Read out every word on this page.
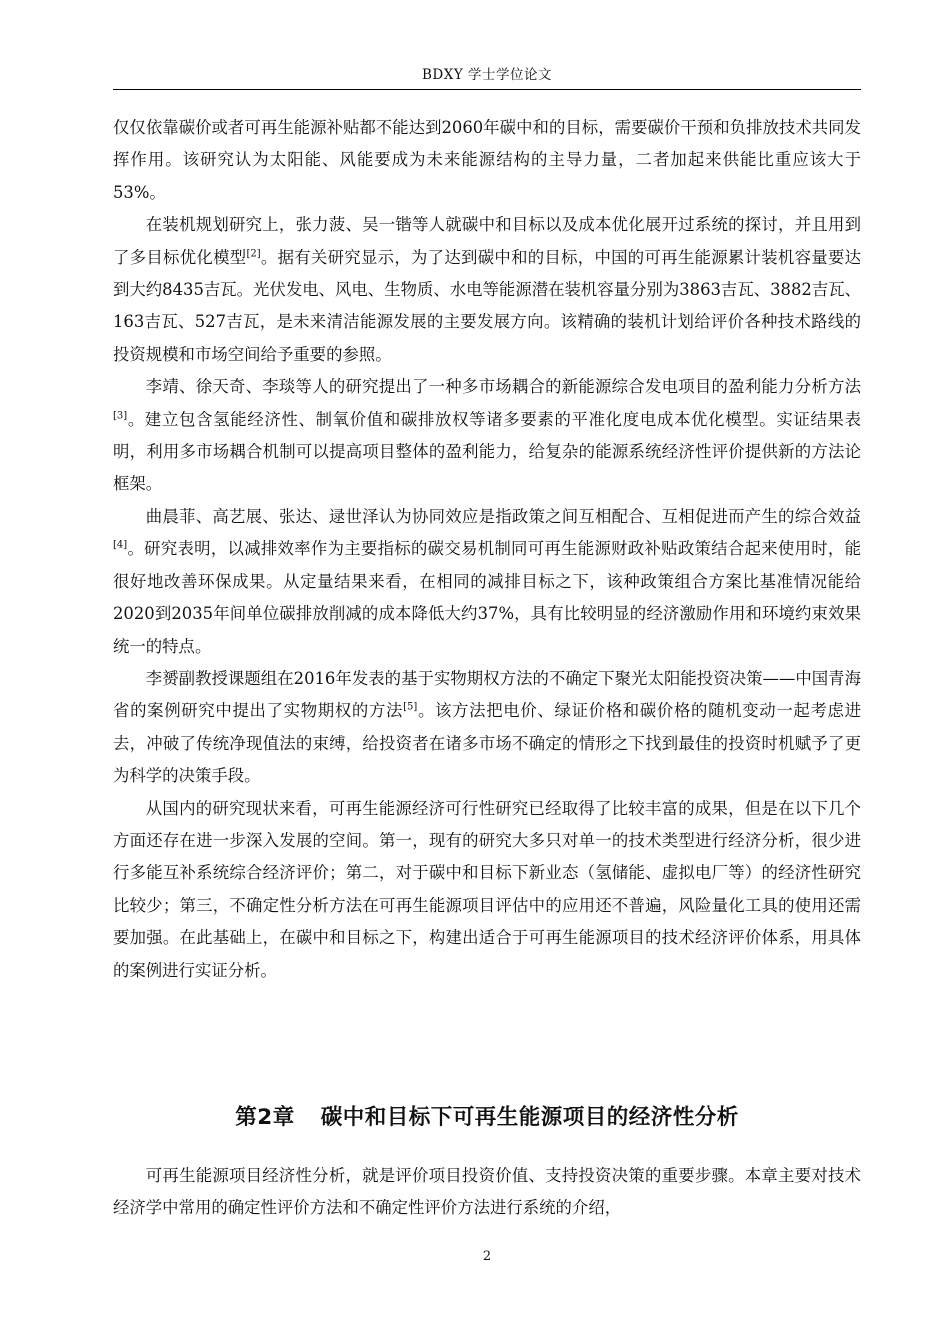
BDXY 学士学位论文

仅仅依靠碳价或者可再生能源补贴都不能达到2060年碳中和的目标，需要碳价干预和负排放技术共同发挥作用。该研究认为太阳能、风能要成为未来能源结构的主导力量，二者加起来供能比重应该大于53%。

在装机规划研究上，张力菠、吴一锴等人就碳中和目标以及成本优化展开过系统的探讨，并且用到了多目标优化模型[2]。据有关研究显示，为了达到碳中和的目标，中国的可再生能源累计装机容量要达到大约8435吉瓦。光伏发电、风电、生物质、水电等能源潜在装机容量分别为3863吉瓦、3882吉瓦、163吉瓦、527吉瓦，是未来清洁能源发展的主要发展方向。该精确的装机计划给评价各种技术路线的投资规模和市场空间给予重要的参照。

李靖、徐天奇、李琰等人的研究提出了一种多市场耦合的新能源综合发电项目的盈利能力分析方法[3]。建立包含氢能经济性、制氧价值和碳排放权等诸多要素的平准化度电成本优化模型。实证结果表明，利用多市场耦合机制可以提高项目整体的盈利能力，给复杂的能源系统经济性评价提供新的方法论框架。

曲晨菲、高艺展、张达、逯世泽认为协同效应是指政策之间互相配合、互相促进而产生的综合效益[4]。研究表明，以减排效率作为主要指标的碳交易机制同可再生能源财政补贴政策结合起来使用时，能很好地改善环保成果。从定量结果来看，在相同的减排目标之下，该种政策组合方案比基准情况能给2020到2035年间单位碳排放削减的成本降低大约37%，具有比较明显的经济激励作用和环境约束效果统一的特点。

李赟副教授课题组在2016年发表的基于实物期权方法的不确定下聚光太阳能投资决策——中国青海省的案例研究中提出了实物期权的方法[5]。该方法把电价、绿证价格和碳价格的随机变动一起考虑进去，冲破了传统净现值法的束缚，给投资者在诸多市场不确定的情形之下找到最佳的投资时机赋予了更为科学的决策手段。

从国内的研究现状来看，可再生能源经济可行性研究已经取得了比较丰富的成果，但是在以下几个方面还存在进一步深入发展的空间。第一，现有的研究大多只对单一的技术类型进行经济分析，很少进行多能互补系统综合经济评价；第二，对于碳中和目标下新业态（氢储能、虚拟电厂等）的经济性研究比较少；第三，不确定性分析方法在可再生能源项目评估中的应用还不普遍，风险量化工具的使用还需要加强。在此基础上，在碳中和目标之下，构建出适合于可再生能源项目的技术经济评价体系，用具体的案例进行实证分析。

第2章 碳中和目标下可再生能源项目的经济性分析

可再生能源项目经济性分析，就是评价项目投资价值、支持投资决策的重要步骤。本章主要对技术经济学中常用的确定性评价方法和不确定性评价方法进行系统的介绍，

2
